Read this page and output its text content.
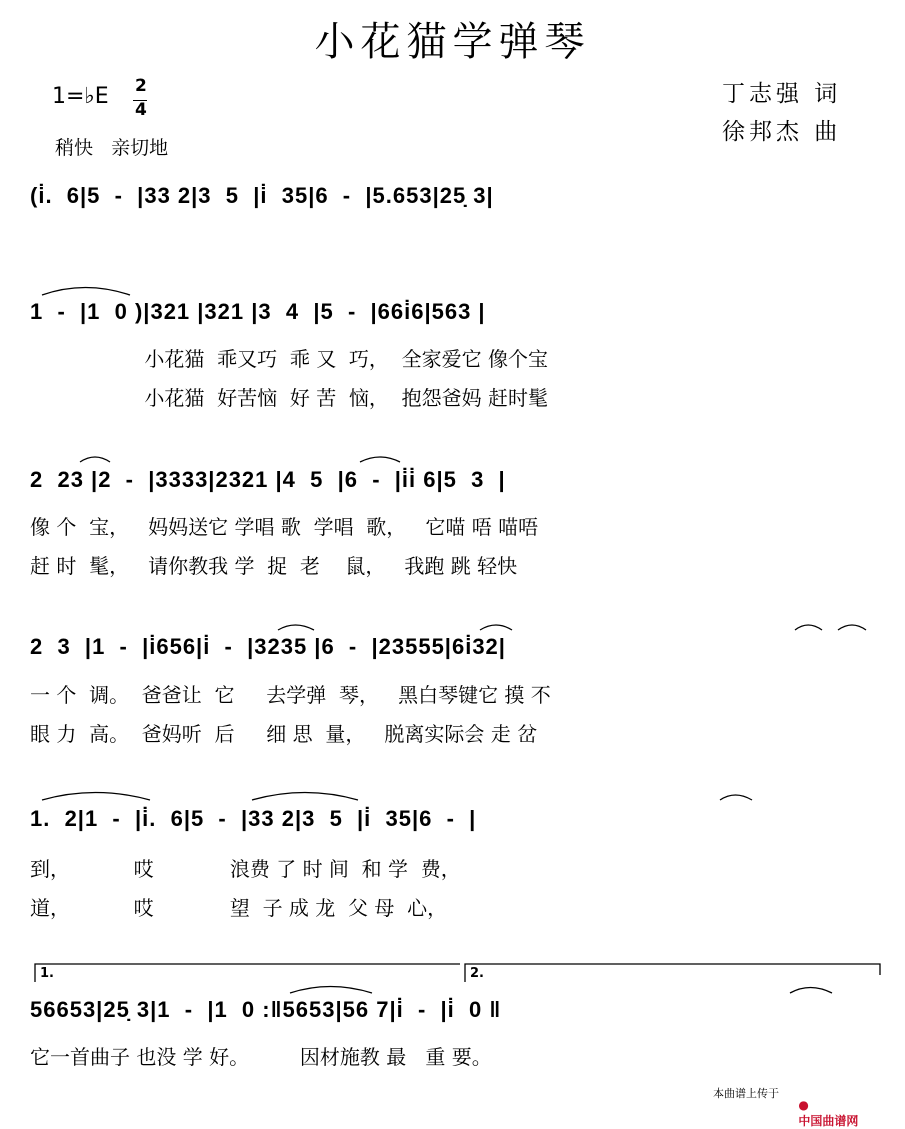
小花猫学弹琴
1=♭E 2
4
稍快   亲切地
丁志强 词
徐邦杰 曲
(i̇.  6|5  -  |33 2|3  5  |i̇  35|6  -  |5.653|25̣ 3|
1  -  |1  0 )|321 |321 |3  4  |5  -  |66i̇6|563 |
小花猫  乖又巧  乖 又  巧，  全家爱它 像个宝
小花猫  好苦恼  好 苦  恼，  抱怨爸妈 赶时髦
2  23 |2  -  |3333|2321 |4  5  |6  -  |i̇i̇ 6|5  3  |
像 个  宝，   妈妈送它 学唱 歌  学唱  歌，   它喵 唔 喵唔
赶 时  髦，   请你教我 学  捉  老    鼠，   我跑 跳 轻快
2  3  |1  -  |i̇656|i̇  -  |3235 |6  -  |23555|6i̇32|
一 个  调。  爸爸让  它     去学弹  琴，   黑白琴键它 摸 不
眼 力  高。  爸妈听  后     细 思  量，   脱离实际会 走 岔
1.  2|1  -  |i̇.  6|5  -  |33 2|3  5  |i̇  35|6  -  |
到，          哎            浪费 了 时 间  和 学  费，
道，          哎            望  子 成 龙  父 母  心，
1.	2.
56653|25̣ 3|1  -  |1  0 :‖5653|56 7|i̇  -  |i̇  0 ‖
它一首曲子 也没 学 好。        因材施教 最   重 要。
本曲谱上传于

●
中国曲谱网
